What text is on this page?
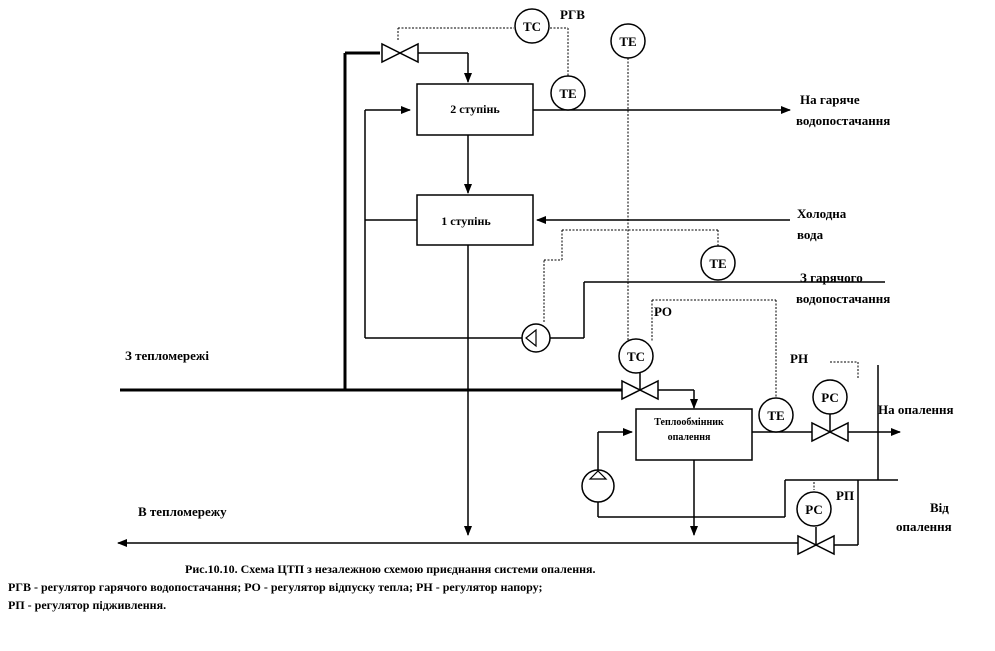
2 ступінь
1 ступінь
Теплообмінник
опалення
ТС
ТЕ
ТЕ
ТЕ
ТС
ТЕ
РС
РС
РГВ
РО
РН
РП
На гаряче
водопостачання
Холодна
вода
З гарячого
водопостачання
З тепломережі
В тепломережу
На опалення
Від
опалення
Рис.10.10. Схема ЦТП з незалежною схемою приєднання системи опалення.
РГВ - регулятор гарячого водопостачання; РО - регулятор відпуску тепла; РН - регулятор напору;
РП - регулятор підживлення.
